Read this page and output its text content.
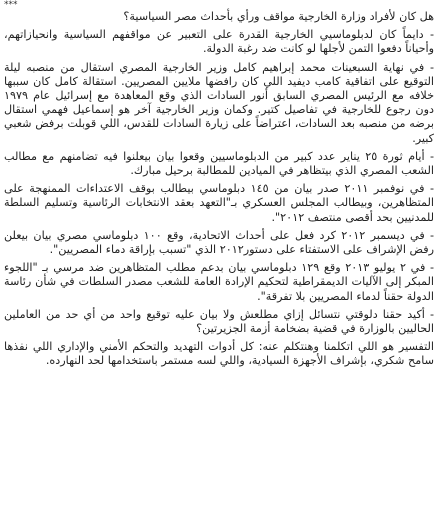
***

هل كان لأفراد وزارة الخارجية مواقف ورأي بأحداث مصر السياسية؟

- دايماً كان لدبلوماسيي الخارجية القدرة على التعبير عن مواقفهم السياسية وانحيازاتهم، وأحياناً دفعوا التمن لأجلها لو كانت ضد رغبة الدولة.

- في نهاية السبعينات محمد إبراهيم كامل وزير الخارجية المصري استقال من منصبه ليلة التوقيع على اتفاقية كامب ديفيد اللي كان رافضها ملايين المصريين. استقالة كامل كان سببها خلافه مع الرئيس المصري السابق أنور السادات الذي وقع المعاهدة مع إسرائيل عام ١٩٧٩ دون رجوع للخارجية في تفاصيل كتير. وكمان وزير الخارجية آخر هو إسماعيل فهمي استقال برضه من منصبه بعد السادات، اعتراضاً على زيارة السادات للقدس، اللي قوبلت برفض شعبي كبير.

- أيام ثورة ٢٥ يناير عدد كبير من الدبلوماسيين وقعوا بيان بيعلنوا فيه تضامنهم مع مطالب الشعب المصري الذي بيتظاهر في الميادين للمطالبة برحيل مبارك.

- في نوفمبر ٢٠١١ صدر بيان من ١٤٥ دبلوماسي بيطالب بوقف الاعتداءات الممنهجة على المتظاهرين، وبيطالب المجلس العسكري بـ"التعهد بعقد الانتخابات الرئاسية وتسليم السلطة للمدنيين بحد أقصى منتصف ٢٠١٢".

- في ديسمبر ٢٠١٢ كرد فعل على أحداث الاتحادية، وقع ١٠٠ دبلوماسي مصري بيان بيعلن رفض الإشراف على الاستفتاء على دستور٢٠١٢ الذي "تسبب بإراقة دماء المصريين".

- في ٢ يوليو ٢٠١٣ وقع ١٢٩ دبلوماسي بيان بدعم مطلب المتظاهرين ضد مرسي بـ "اللجوء المبكر إلى الآليات الديمقراطية لتحكيم الإرادة العامة للشعب مصدر السلطات في شأن رئاسة الدولة حقناً لدماء المصريين بلا تفرقة".

- أكيد حقنا دلوقتي نتسائل إزاي مطلعش ولا بيان عليه توقيع واحد من أي حد من العاملين الحاليين بالوزارة في قضية بضخامة أزمة الجزيرتين؟

التفسير هو اللي اتكلمنا وهنتكلم عنه: كل أدوات التهديد والتحكم الأمني والإداري اللي نفذها سامح شكري، بإشراف الأجهزة السيادية، واللي لسه مستمر باستخدامها لحد النهارده.
